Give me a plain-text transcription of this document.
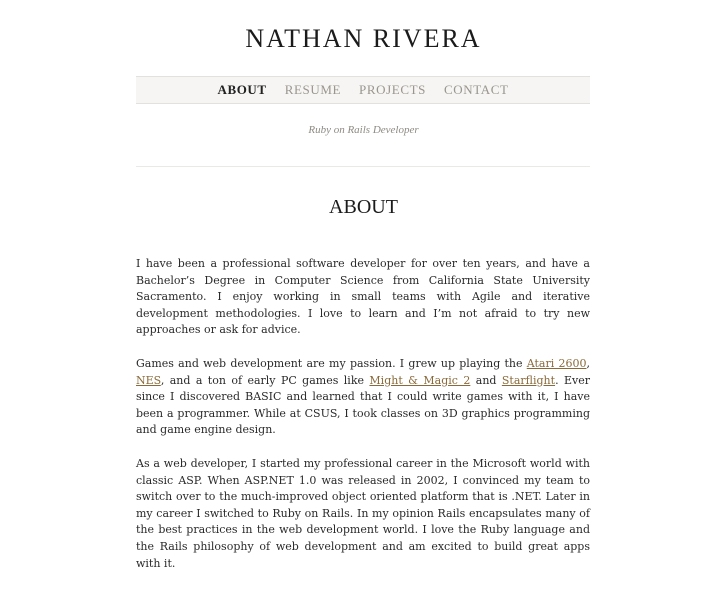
NATHAN RIVERA
ABOUT RESUME PROJECTS CONTACT
Ruby on Rails Developer
ABOUT

I have been a professional software developer for over ten years, and have a Bachelor’s Degree in Computer Science from California State University Sacramento. I enjoy working in small teams with Agile and iterative development methodologies. I love to learn and I’m not afraid to try new approaches or ask for advice.

Games and web development are my passion. I grew up playing the Atari 2600, NES, and a ton of early PC games like Might & Magic 2 and Starflight. Ever since I discovered BASIC and learned that I could write games with it, I have been a programmer. While at CSUS, I took classes on 3D graphics programming and game engine design.

As a web developer, I started my professional career in the Microsoft world with classic ASP. When ASP.NET 1.0 was released in 2002, I convinced my team to switch over to the much-improved object oriented platform that is .NET. Later in my career I switched to Ruby on Rails. In my opinion Rails encapsulates many of the best practices in the web development world. I love the Ruby language and the Rails philosophy of web development and am excited to build great apps with it.
